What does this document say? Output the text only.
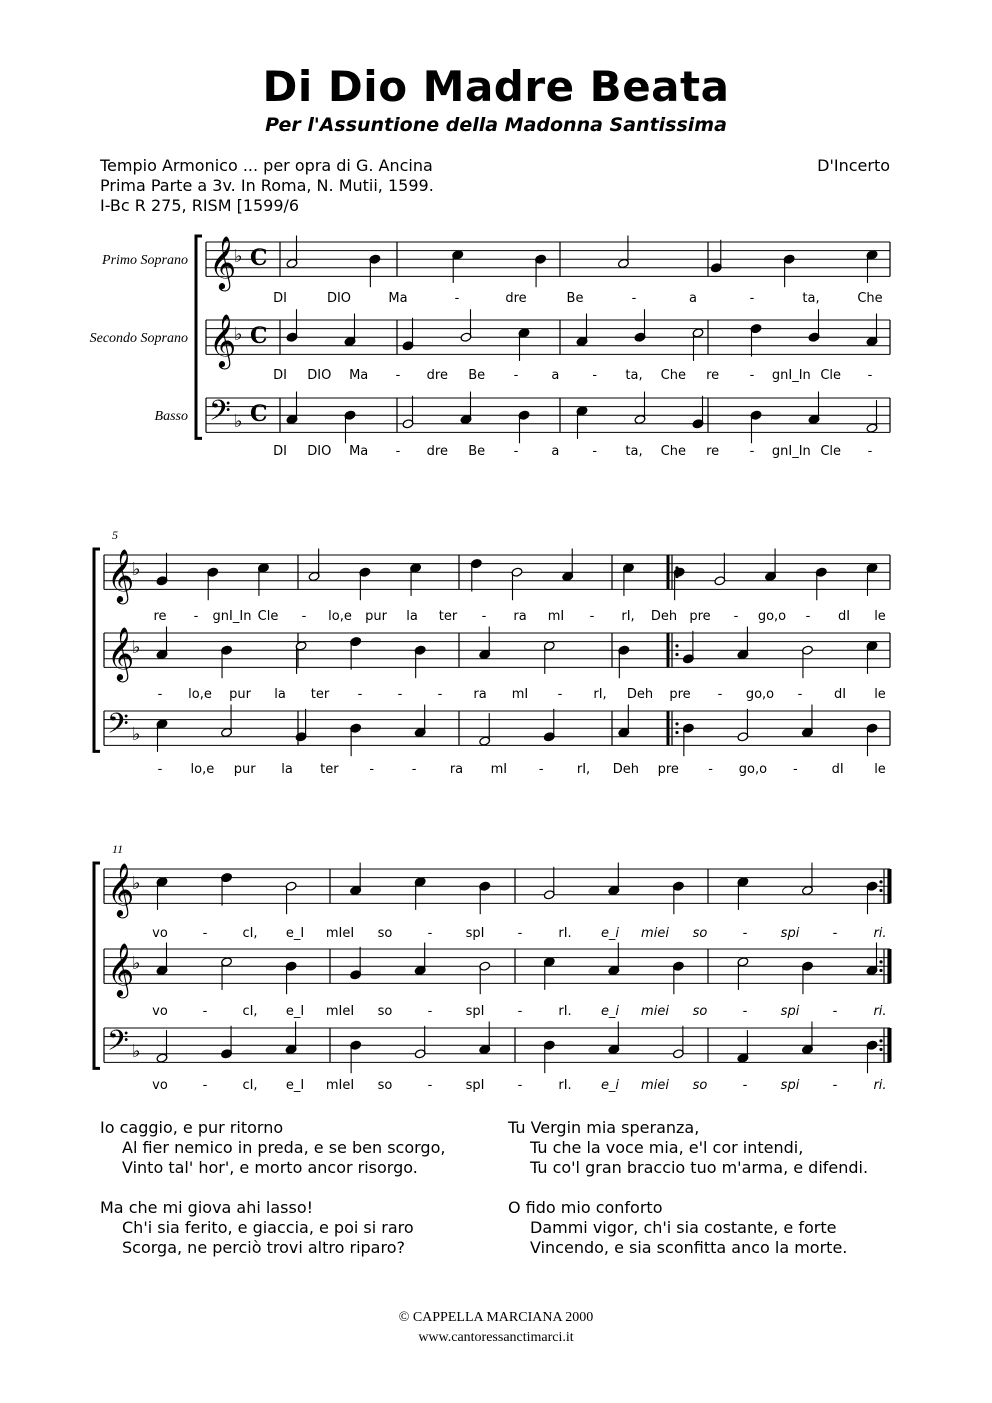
Di Dio Madre Beata
Per l'Assuntione della Madonna Santissima
Tempio Armonico ... per opra di G. Ancina
Prima Parte a 3v. In Roma, N. Mutii, 1599.
I-Bc R 275, RISM [1599/6
D'Incerto
𝄞
♭ C
Primo Soprano
DI	DIO	Ma	-	dre	Be	-	a	-	ta,	Che
𝄞
♭ C
Secondo Soprano
DI DIO Ma - dre Be -	a	- ta, Che re - gnI_In Cle -
𝄢 ♭ C
Basso
DI DIO Ma - dre Be -	a	- ta, Che re - gnI_In Cle -
5
𝄞
♭
re - gnI_In Cle - lo,e pur la ter - ra mI - rI, Deh pre - go,o - dI le
𝄞
♭
- lo,e pur la ter -	-	- ra mI - rI, Deh pre - go,o - dI le
𝄢 ♭
- lo,e pur la ter -	-	ra mI -	rI, Deh pre - go,o -	dI le
11
𝄞
♭
vo	-	cI, e_I mIeI so	-	spI	-	rI. e_i miei so	-	spi	-	ri.
𝄞
♭
vo	-	cI, e_I mIeI so	-	spI	-	rI. e_i miei so	-	spi	-	ri.
𝄢 ♭
vo	-	cI, e_I mIeI so	-	spI	-	rI. e_i miei so	-	spi	-	ri.
Io caggio, e pur ritorno
Al fier nemico in preda, e se ben scorgo,
Vinto tal' hor', e morto ancor risorgo.
Ma che mi giova ahi lasso!
Ch'i sia ferito, e giaccia, e poi si raro
Scorga, ne perciò trovi altro riparo?
Tu Vergin mia speranza,
Tu che la voce mia, e'l cor intendi,
Tu co'l gran braccio tuo m'arma, e difendi.
O fido mio conforto
Dammi vigor, ch'i sia costante, e forte
Vincendo, e sia sconfitta anco la morte.
© CAPPELLA MARCIANA 2000
www.cantoressanctimarci.it
